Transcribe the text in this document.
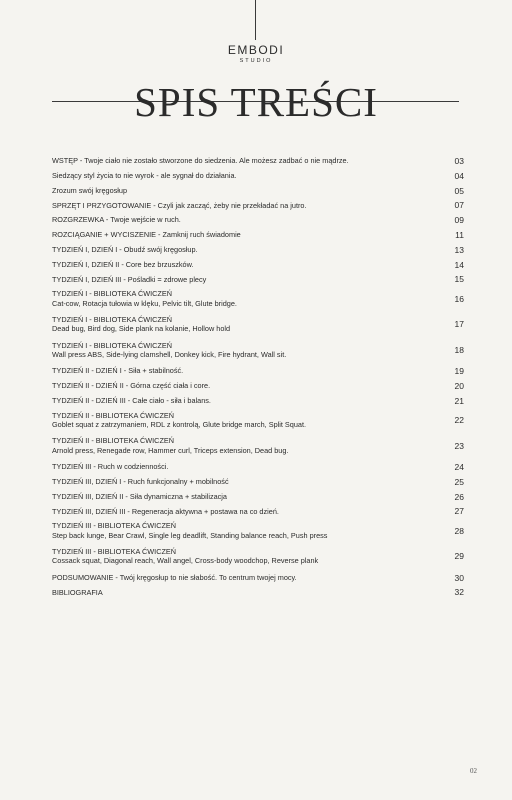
EMBODI
STUDIO
SPIS TREŚCI
WSTĘP - Twoje ciało nie zostało stworzone do siedzenia. Ale możesz zadbać o nie mądrze.	03
Siedzący styl życia to nie wyrok - ale sygnał do działania.	04
Zrozum swój kręgosłup	05
SPRZĘT I PRZYGOTOWANIE - Czyli jak zacząć, żeby nie przekładać na jutro.	07
ROZGRZEWKA - Twoje wejście w ruch.	09
ROZCIĄGANIE + WYCISZENIE - Zamknij ruch świadomie	11
TYDZIEŃ I, DZIEŃ I - Obudź swój kręgosłup.	13
TYDZIEŃ I, DZIEŃ II - Core bez brzuszków.	14
TYDZIEŃ I, DZIEŃ III - Pośladki = zdrowe plecy	15
TYDZIEŃ I - BIBLIOTEKA ĆWICZEŃ
Cat-cow, Rotacja tułowia w klęku, Pelvic tilt, Glute bridge.	16
TYDZIEŃ I - BIBLIOTEKA ĆWICZEŃ
Dead bug, Bird dog, Side plank na kolanie, Hollow hold	17
TYDZIEŃ I - BIBLIOTEKA ĆWICZEŃ
Wall press ABS, Side-lying clamshell, Donkey kick, Fire hydrant, Wall sit.	18
TYDZIEŃ II - DZIEŃ I - Siła + stabilność.	19
TYDZIEŃ II - DZIEŃ II - Górna część ciała i core.	20
TYDZIEŃ II - DZIEŃ III - Całe ciało - siła i balans.	21
TYDZIEŃ II - BIBLIOTEKA ĆWICZEŃ
Goblet squat z zatrzymaniem, RDL z kontrolą, Glute bridge march, Split Squat.	22
TYDZIEŃ II - BIBLIOTEKA ĆWICZEŃ
Arnold press, Renegade row, Hammer curl, Triceps extension, Dead bug.	23
TYDZIEŃ III - Ruch w codzienności.	24
TYDZIEŃ III, DZIEŃ I - Ruch funkcjonalny + mobilność	25
TYDZIEŃ III, DZIEŃ II - Siła dynamiczna + stabilizacja	26
TYDZIEŃ III, DZIEŃ III - Regeneracja aktywna + postawa na co dzień.	27
TYDZIEŃ III - BIBLIOTEKA ĆWICZEŃ
Step back lunge, Bear Crawl, Single leg deadlift, Standing balance reach, Push press	28
TYDZIEŃ III - BIBLIOTEKA ĆWICZEŃ
Cossack squat, Diagonal reach, Wall angel, Cross-body woodchop, Reverse plank	29
PODSUMOWANIE - Twój kręgosłup to nie słabość. To centrum twojej mocy.	30
BIBLIOGRAFIA	32
02
